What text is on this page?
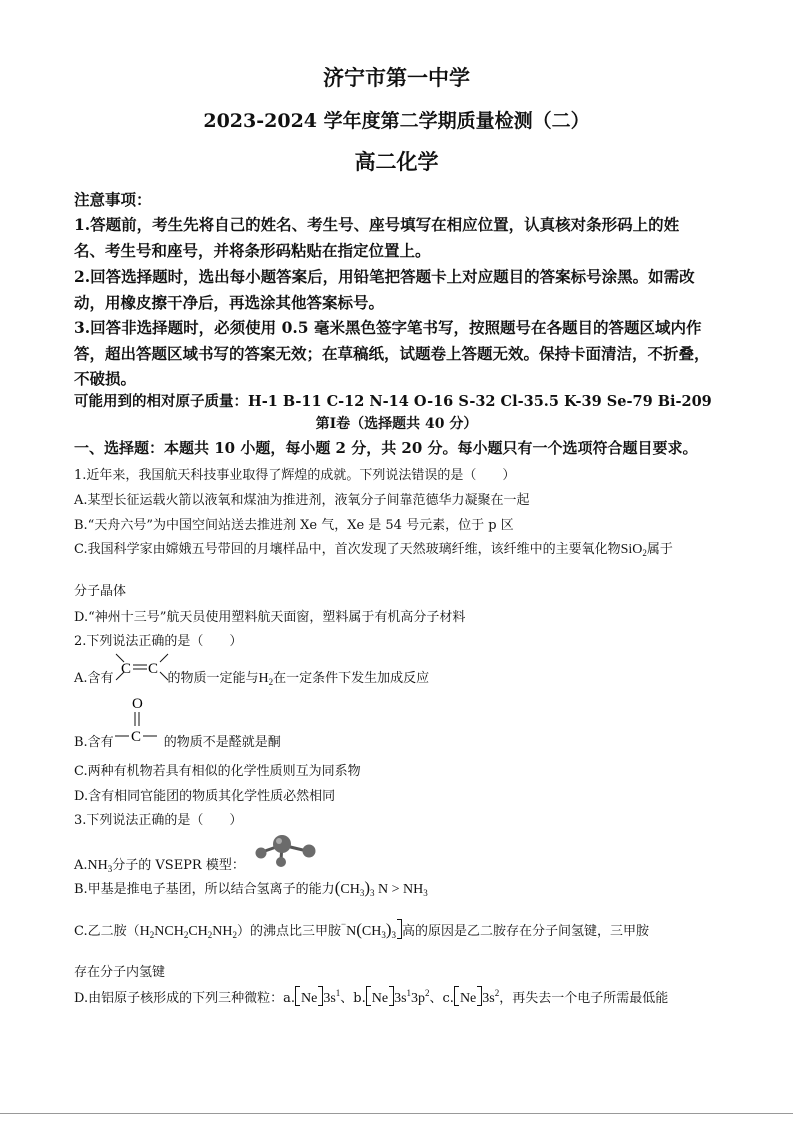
济宁市第一中学
2023-2024 学年度第二学期质量检测（二）
高二化学
注意事项：
1.答题前，考生先将自己的姓名、考生号、座号填写在相应位置，认真核对条形码上的姓
名、考生号和座号，并将条形码粘贴在指定位置上。
2.回答选择题时，选出每小题答案后，用铅笔把答题卡上对应题目的答案标号涂黑。如需改
动，用橡皮擦干净后，再选涂其他答案标号。
3.回答非选择题时，必须使用 0.5 毫米黑色签字笔书写，按照题号在各题目的答题区域内作
答，超出答题区域书写的答案无效；在草稿纸，试题卷上答题无效。保持卡面清洁，不折叠，
不破损。
可能用到的相对原子质量：H-1 B-11 C-12 N-14 O-16 S-32 Cl-35.5 K-39 Se-79 Bi-209
第Ⅰ卷（选择题共 40 分）
一、选择题：本题共 10 小题，每小题 2 分，共 20 分。每小题只有一个选项符合题目要求。
1.近年来，我国航天科技事业取得了辉煌的成就。下列说法错误的是（　　）
A.某型长征运载火箭以液氧和煤油为推进剂，液氧分子间靠范德华力凝聚在一起
B.“天舟六号”为中国空间站送去推进剂 Xe 气，Xe 是 54 号元素，位于 p 区
C.我国科学家由嫦娥五号带回的月壤样品中，首次发现了天然玻璃纤维，该纤维中的主要氧化物SiO$_2$属于
分子晶体
D.“神州十三号”航天员使用塑料航天面窗，塑料属于有机高分子材料
2.下列说法正确的是（　　）
A.含有	的物质一定能与$H_2$在一定条件下发生加成反应
C C
B.含有	的物质不是醛就是酮
O
C
C.两种有机物若具有相似的化学性质则互为同系物
D.含有相同官能团的物质其化学性质必然相同
3.下列说法正确的是（　　）
$A.NH_3$分子的 VSEPR 模型：
B.甲基是推电子基团，所以结合氢离子的能力$(CH_3)_3$ $N > NH_3$
C.乙二胺$(H_2NCH_2CH_2NH_2)$的沸点比三甲胺$^-N(CH_3)_3$ 高的原因是乙二胺存在分子间氢键，三甲胺
存在分子内氢键
D.由铝原子核形成的下列三种微粒：a. Ne $3s^1$、b. Ne $3s^13p^2$、c. Ne $3s^2$，再失去一个电子所需最低能
